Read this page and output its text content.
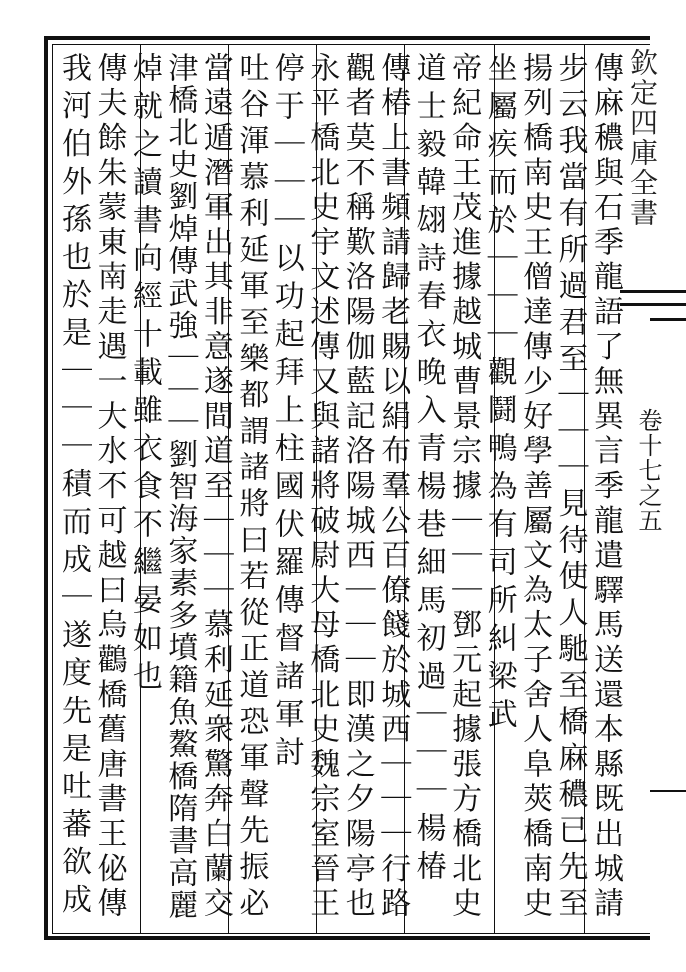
欽定四庫全書
卷十七之五
傳麻穠與石季龍語了無異言季龍遣驛馬送還本縣既出城請
步云我當有所過君至｜｜｜見待使人馳至橋麻穠已先至
揚列橋南史王僧達傳少好學善屬文為太子舍人阜莢橋南史
坐屬疾而於｜｜｜觀鬪鴨為有司所糾梁武
帝紀命王茂進據越城曹景宗據｜｜｜鄧元起據張方橋北史
道士毅韓翃詩春衣晚入青楊巷細馬初過｜｜｜楊椿
傳椿上書頻請歸老賜以絹布羣公百僚餞於城西｜｜｜行路
觀者莫不稱歎洛陽伽藍記洛陽城西｜｜｜即漢之夕陽亭也
永平橋北史宇文述傳又與諸將破尉大母橋北史魏宗室晉王
停于｜｜｜以功起拜上柱國伏羅傳督諸軍討
吐谷渾慕利延軍至樂都謂諸將曰若從正道恐軍聲先振必
當遠遁潛軍出其非意遂間道至｜｜｜慕利延衆驚奔白蘭交
津橋北史劉焯傳武強｜｜｜劉智海家素多墳籍魚鰲橋隋書高麗
焯就之讀書向經十載雖衣食不繼晏如也
傳夫餘朱蒙東南走遇一大水不可越曰烏鸛橋舊唐書王佖傳
我河伯外孫也於是｜｜｜積而成｜遂度先是吐蕃欲成
